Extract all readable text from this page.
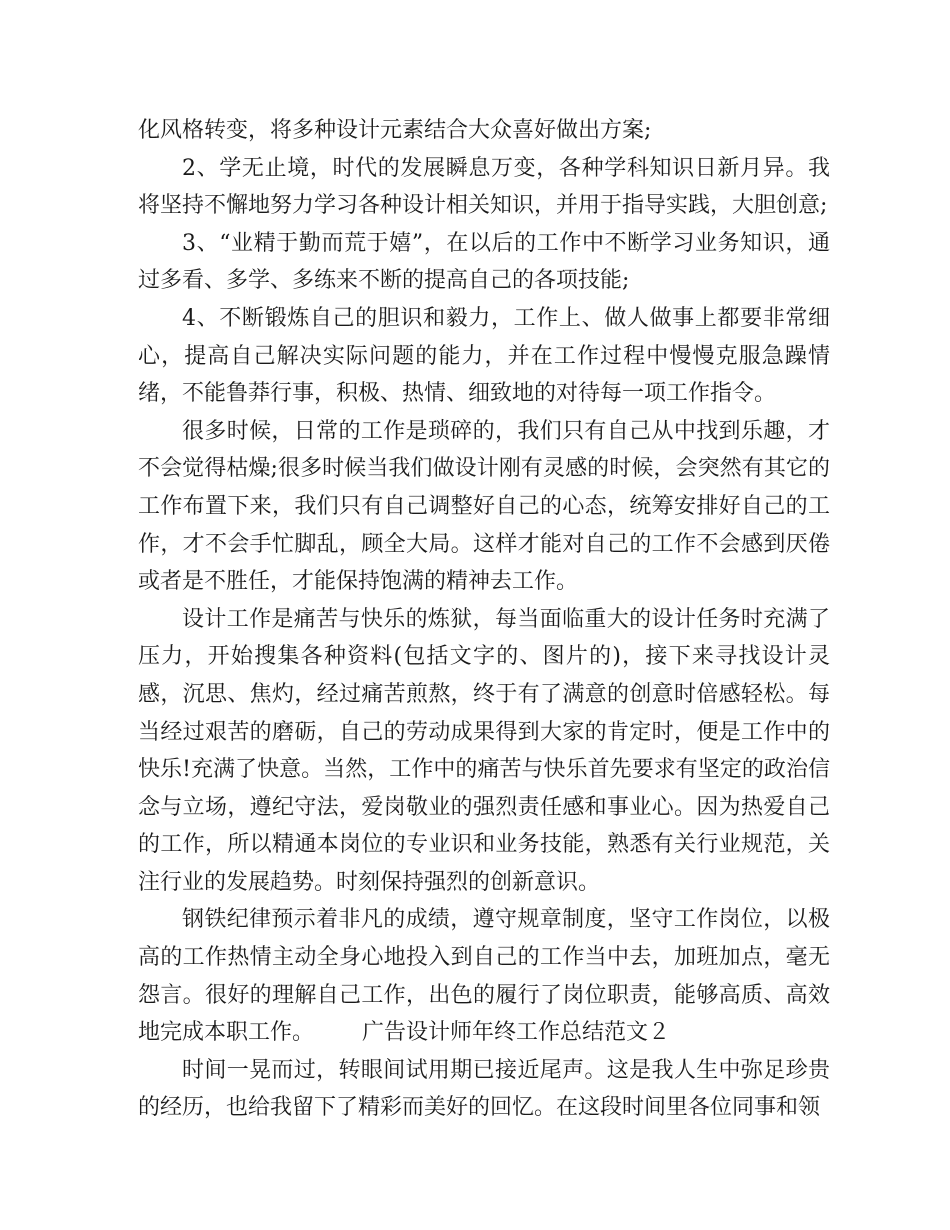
化风格转变，将多种设计元素结合大众喜好做出方案;

2、学无止境，时代的发展瞬息万变，各种学科知识日新月异。我将坚持不懈地努力学习各种设计相关知识，并用于指导实践，大胆创意;

3、“业精于勤而荒于嬉”，在以后的工作中不断学习业务知识，通过多看、多学、多练来不断的提高自己的各项技能;

4、不断锻炼自己的胆识和毅力，工作上、做人做事上都要非常细心，提高自己解决实际问题的能力，并在工作过程中慢慢克服急躁情绪，不能鲁莽行事，积极、热情、细致地的对待每一项工作指令。

很多时候，日常的工作是琐碎的，我们只有自己从中找到乐趣，才不会觉得枯燥;很多时候当我们做设计刚有灵感的时候，会突然有其它的工作布置下来，我们只有自己调整好自己的心态，统筹安排好自己的工作，才不会手忙脚乱，顾全大局。这样才能对自己的工作不会感到厌倦或者是不胜任，才能保持饱满的精神去工作。

设计工作是痛苦与快乐的炼狱，每当面临重大的设计任务时充满了压力，开始搜集各种资料(包括文字的、图片的)，接下来寻找设计灵感，沉思、焦灼，经过痛苦煎熬，终于有了满意的创意时倍感轻松。每当经过艰苦的磨砺，自己的劳动成果得到大家的肯定时，便是工作中的快乐!充满了快意。当然，工作中的痛苦与快乐首先要求有坚定的政治信念与立场，遵纪守法，爱岗敬业的强烈责任感和事业心。因为热爱自己的工作，所以精通本岗位的专业识和业务技能，熟悉有关行业规范，关注行业的发展趋势。时刻保持强烈的创新意识。

钢铁纪律预示着非凡的成绩，遵守规章制度，坚守工作岗位，以极高的工作热情主动全身心地投入到自己的工作当中去，加班加点，毫无怨言。很好的理解自己工作，出色的履行了岗位职责，能够高质、高效地完成本职工作。 广告设计师年终工作总结范文２

时间一晃而过，转眼间试用期已接近尾声。这是我人生中弥足珍贵的经历，也给我留下了精彩而美好的回忆。在这段时间里各位同事和领
